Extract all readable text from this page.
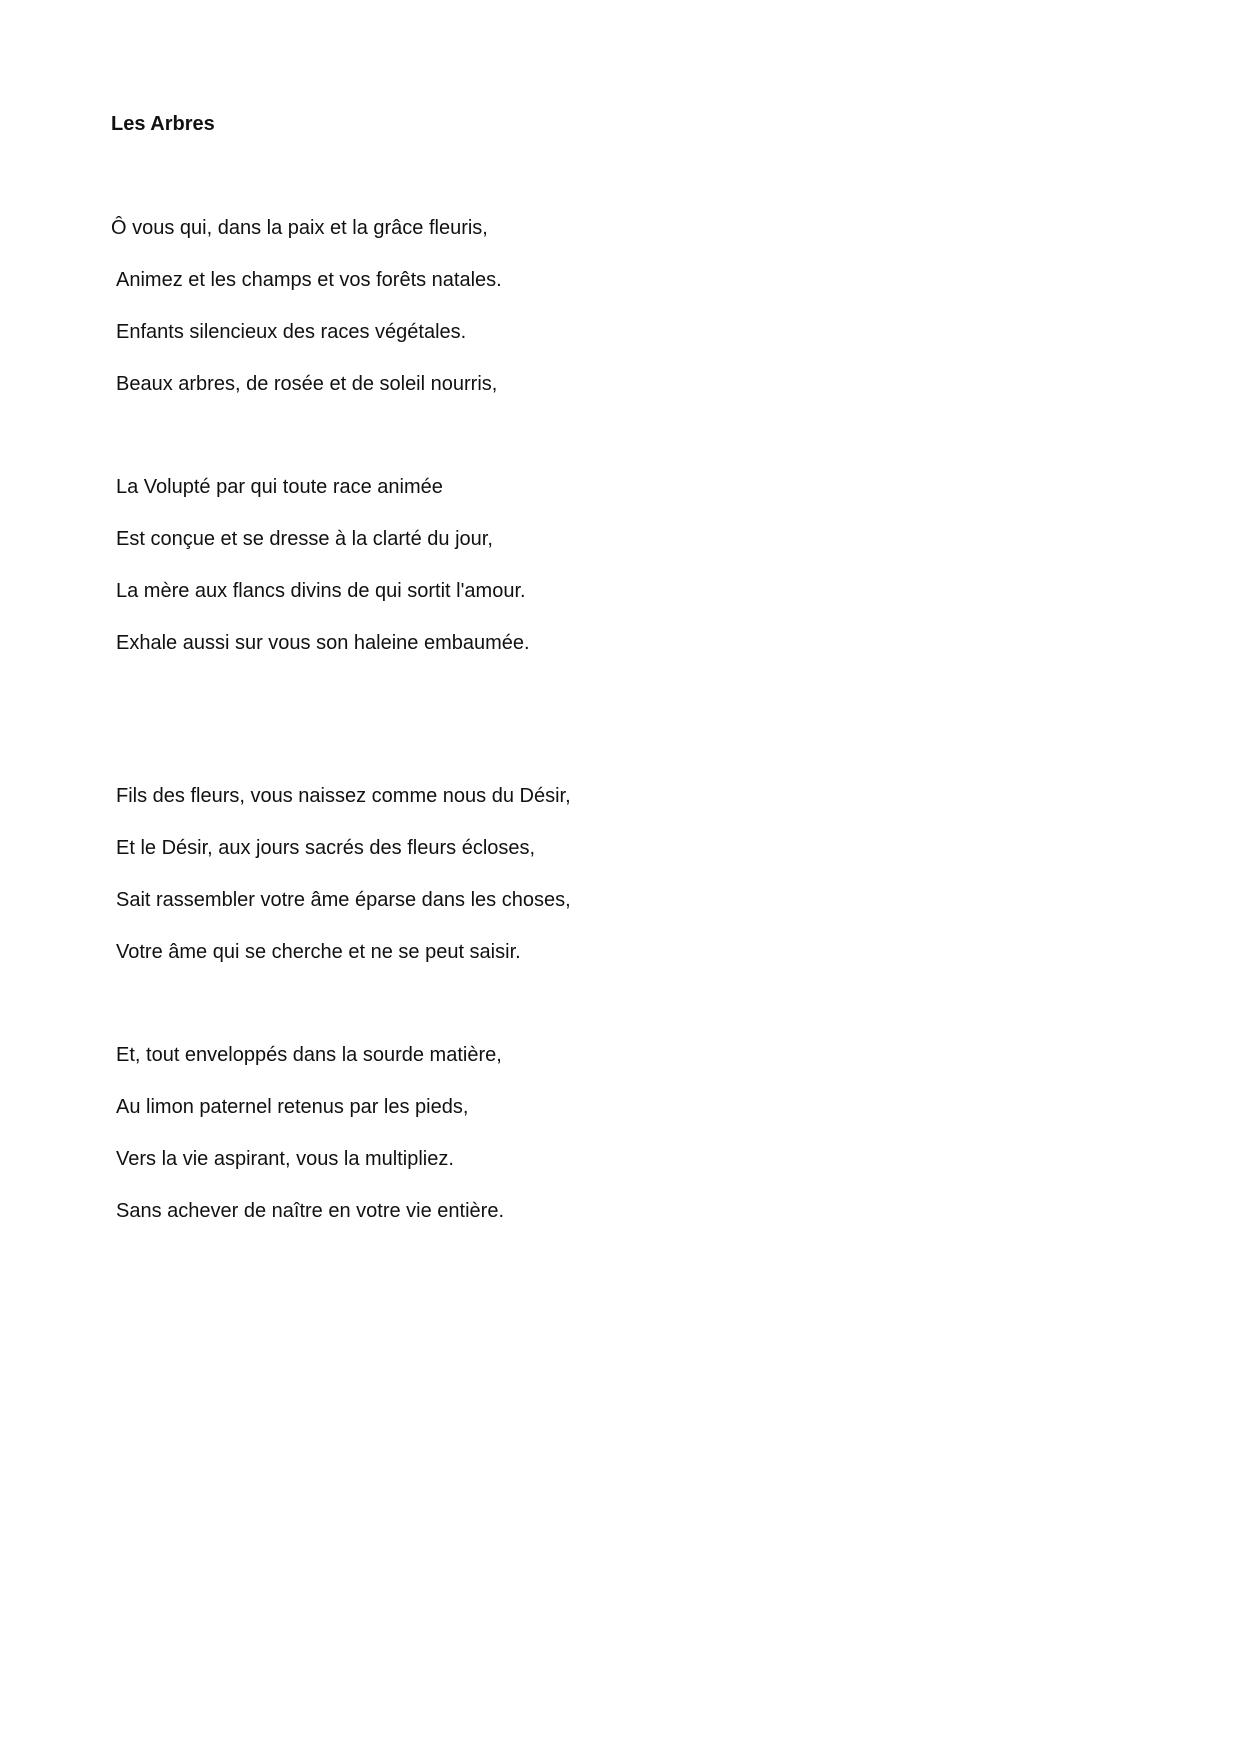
Les Arbres

Ô vous qui, dans la paix et la grâce fleuris,

Animez et les champs et vos forêts natales.

Enfants silencieux des races végétales.

Beaux arbres, de rosée et de soleil nourris,

La Volupté par qui toute race animée

Est conçue et se dresse à la clarté du jour,

La mère aux flancs divins de qui sortit l'amour.

Exhale aussi sur vous son haleine embaumée.

Fils des fleurs, vous naissez comme nous du Désir,

Et le Désir, aux jours sacrés des fleurs écloses,

Sait rassembler votre âme éparse dans les choses,

Votre âme qui se cherche et ne se peut saisir.

Et, tout enveloppés dans la sourde matière,

Au limon paternel retenus par les pieds,

Vers la vie aspirant, vous la multipliez.

Sans achever de naître en votre vie entière.
